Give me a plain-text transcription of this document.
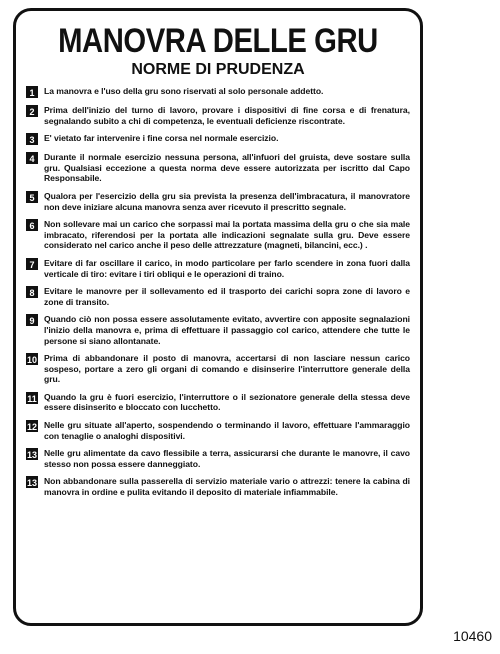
MANOVRA DELLE GRU
NORME DI PRUDENZA
1	La manovra e l'uso della gru sono riservati al solo personale addetto.
2	Prima dell'inizio del turno di lavoro, provare i dispositivi di fine corsa e di frenatura, segnalando subito a chi di competenza, le eventuali deficienze riscontrate.
3	E' vietato far intervenire i fine corsa nel normale esercizio.
4	Durante il normale esercizio nessuna persona, all'infuori del gruista, deve sostare sulla gru. Qualsiasi eccezione a questa norma deve essere autorizzata per iscritto dal Capo Responsabile.
5	Qualora per l'esercizio della gru sia prevista la presenza dell'imbracatura, il manovratore non deve iniziare alcuna manovra senza aver ricevuto il prescritto segnale.
6	Non sollevare mai un carico che sorpassi mai la portata massima della gru o che sia male imbracato, riferendosi per la portata alle indicazioni segnalate sulla gru. Deve essere considerato nel carico anche il peso delle attrezzature (magneti, bilancini, ecc.) .
7	Evitare di far oscillare il carico, in modo particolare per farlo scendere in zona fuori dalla verticale di tiro: evitare i tiri obliqui e le operazioni di traino.
8	Evitare le manovre per il sollevamento ed il trasporto dei carichi sopra zone di lavoro e zone di transito.
9	Quando ciò non possa essere assolutamente evitato, avvertire con apposite segnalazioni l'inizio della manovra e, prima di effettuare il passaggio col carico, attendere che tutte le persone si siano allontanate.
10 Prima di abbandonare il posto di manovra, accertarsi di non lasciare nessun carico sospeso, portare a zero gli organi di comando e disinserire l'interruttore generale della gru.
11 Quando la gru è fuori esercizio, l'interruttore o il sezionatore generale della stessa deve essere disinserito e bloccato con lucchetto.
12 Nelle gru situate all'aperto, sospendendo o terminando il lavoro, effettuare l'ammaraggio con tenaglie o analoghi dispositivi.
13 Nelle gru alimentate da cavo flessibile a terra, assicurarsi che durante le manovre, il cavo stesso non possa essere danneggiato.
13 Non abbandonare sulla passerella di servizio materiale vario o attrezzi: tenere la cabina di manovra in ordine e pulita evitando il deposito di materiale infiammabile.
10460
